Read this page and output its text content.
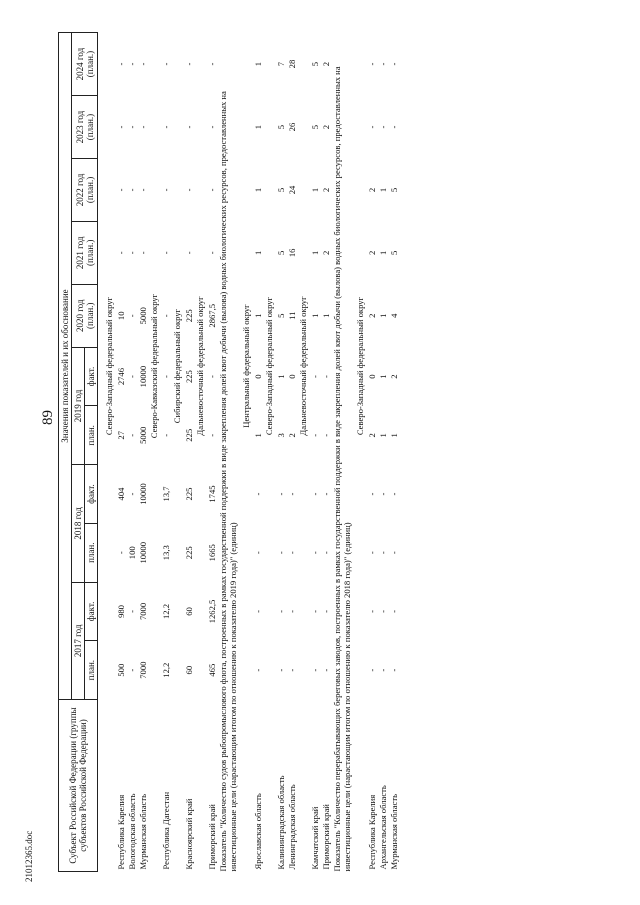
89
21012365.doc	Субъект Российской Федерации (группы субъектов Российской Федерации)	Значения показателей и их обоснование										
	2017 год		2018 год		2019 год		2020 год (план.)	2021 год (план.)	2022 год (план.)	2023 год (план.)	2024 год (план.)
	план.	факт.	план.	факт.	план.	факт.					

	Северо-Западный федеральный округ										
Республика Карелия	500	980	-	404	27	2746	10	-	-	-	-
Вологодская область	-	-	100	-	-	-	-	-	-	-	-
Мурманская область	7000	7000	10000	10000	5000	10000	5000	-	-	-	-
	Северо-Кавказский федеральный округ										
Республика Дагестан	12,2	12,2	13,3	13,7	-	-	-	-	-	-	-
	Сибирский федеральный округ										
Красноярский край	60	60	225	225	225	225	225	-	-	-	-
	Дальневосточный федеральный округ										
Приморский край	465	1262,5	1665	1745	-	-	2867,5	-	-	-	-
Показатель "Количество судов рыбопромыслового флота, построенных в рамках государственной поддержки в виде закрепления долей квот добычи (вылова) водных биологических ресурсов, предоставленных на инвестиционные цели (нарастающим итогом по отношению к показателю 2019 года)" (единиц)											
	Центральный федеральный округ										
Ярославская область	-	-	-	-	1	0	1	1	1	1	1
	Северо-Западный федеральный округ										
Калининградская область	-	-	-	-	3	1	5	5	5	5	7
Ленинградская область	-	-	-	-	2	0	11	16	24	26	28
	Дальневосточный федеральный округ										
Камчатский край	-	-	-	-	-	-	1	1	1	5	5
Приморский край	-	-	-	-	-	-	1	2	2	2	2
Показатель "Количество перерабатывающих береговых заводов, построенных в рамках государственной поддержки в виде закрепления долей квот добычи (вылова) водных биологических ресурсов, предоставленных на инвестиционные цели (нарастающим итогом по отношению к показателю 2018 года)" (единиц)											
	Северо-Западный федеральный округ										
Республика Карелия	-	-	-	-	2	0	2	2	2	-	-
Архангельская область	-	-	-	-	1	1	1	1	1	-	-
Мурманская область	-	-	-	-	1	2	4	5	5	-	-
